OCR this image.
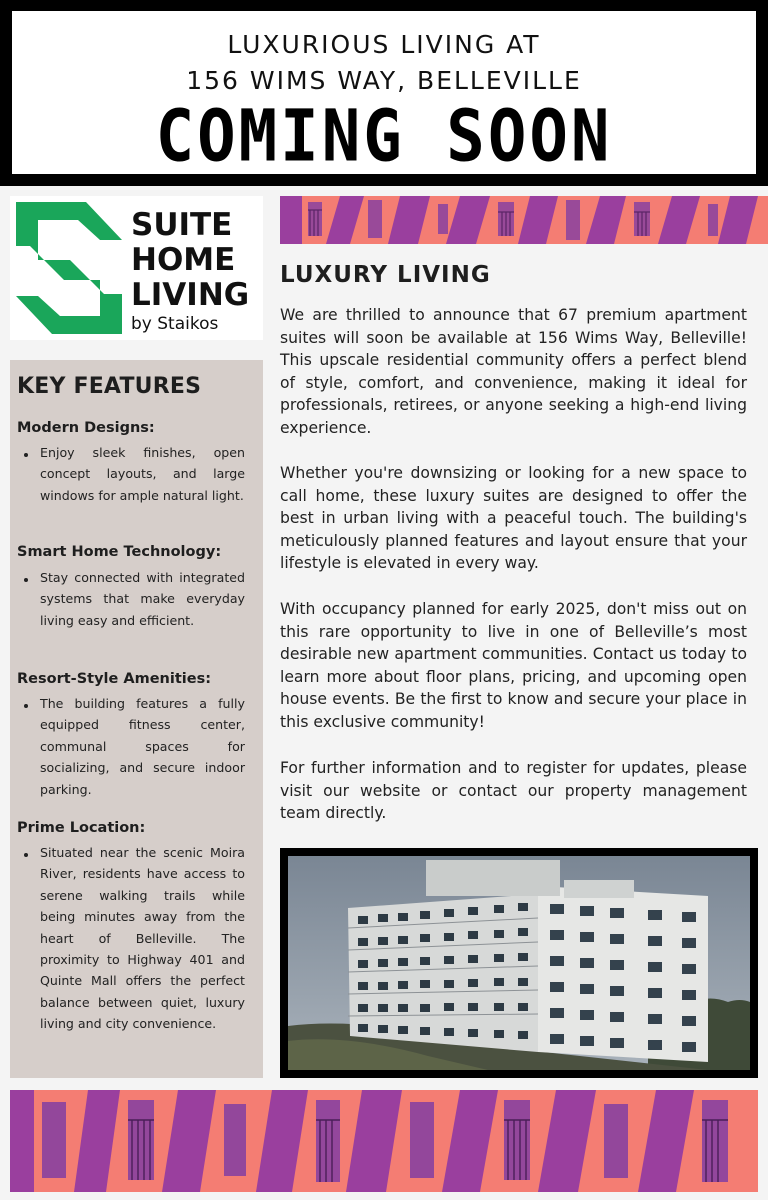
LUXURIOUS LIVING AT
156 WIMS WAY, BELLEVILLE
COMING SOON
SUITE
HOME
LIVING
by Staikos
KEY FEATURES
Modern Designs:
Enjoy sleek finishes, open concept layouts, and large windows for ample natural light.
Smart Home Technology:
Stay connected with integrated systems that make everyday living easy and efficient.
Resort-Style Amenities:
The building features a fully equipped fitness center, communal spaces for socializing, and secure indoor parking.
Prime Location:
Situated near the scenic Moira River, residents have access to serene walking trails while being minutes away from the heart of Belleville. The proximity to Highway 401 and Quinte Mall offers the perfect balance between quiet, luxury living and city convenience.
LUXURY LIVING
We are thrilled to announce that 67 premium apartment suites will soon be available at 156 Wims Way, Belleville! This upscale residential community offers a perfect blend of style, comfort, and convenience, making it ideal for professionals, retirees, or anyone seeking a high-end living experience.
Whether you're downsizing or looking for a new space to call home, these luxury suites are designed to offer the best in urban living with a peaceful touch. The building's meticulously planned features and layout ensure that your lifestyle is elevated in every way.
With occupancy planned for early 2025, don't miss out on this rare opportunity to live in one of Belleville’s most desirable new apartment communities. Contact us today to learn more about floor plans, pricing, and upcoming open house events. Be the first to know and secure your place in this exclusive community!
For further information and to register for updates, please visit our website or contact our property management team directly.
